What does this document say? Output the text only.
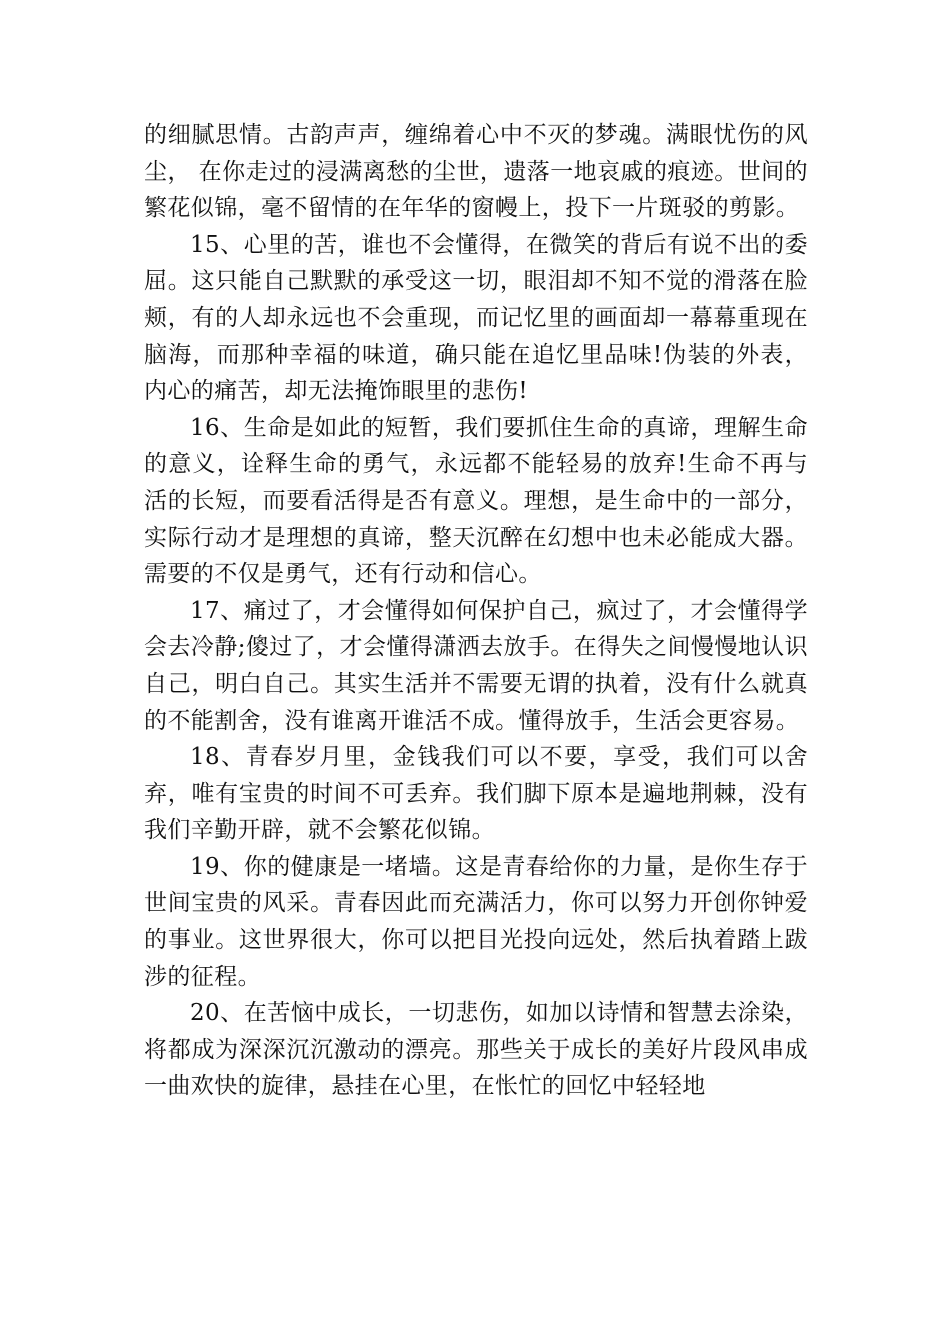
的细腻思情。古韵声声，缠绵着心中不灭的梦魂。满眼忧伤的风尘， 在你走过的浸满离愁的尘世，遗落一地哀戚的痕迹。世间的繁花似锦，毫不留情的在年华的窗幔上，投下一片斑驳的剪影。

15、心里的苦，谁也不会懂得，在微笑的背后有说不出的委屈。这只能自己默默的承受这一切，眼泪却不知不觉的滑落在脸颊，有的人却永远也不会重现，而记忆里的画面却一幕幕重现在脑海，而那种幸福的味道，确只能在追忆里品味!伪装的外表，内心的痛苦，却无法掩饰眼里的悲伤!

16、生命是如此的短暂，我们要抓住生命的真谛，理解生命的意义，诠释生命的勇气，永远都不能轻易的放弃!生命不再与活的长短，而要看活得是否有意义。理想，是生命中的一部分，实际行动才是理想的真谛，整天沉醉在幻想中也未必能成大器。需要的不仅是勇气，还有行动和信心。

17、痛过了，才会懂得如何保护自己，疯过了，才会懂得学会去冷静;傻过了，才会懂得潇洒去放手。在得失之间慢慢地认识自己，明白自己。其实生活并不需要无谓的执着，没有什么就真的不能割舍，没有谁离开谁活不成。懂得放手，生活会更容易。

18、青春岁月里，金钱我们可以不要，享受，我们可以舍弃，唯有宝贵的时间不可丢弃。我们脚下原本是遍地荆棘，没有我们辛勤开辟，就不会繁花似锦。

19、你的健康是一堵墙。这是青春给你的力量，是你生存于世间宝贵的风采。青春因此而充满活力，你可以努力开创你钟爱的事业。这世界很大，你可以把目光投向远处，然后执着踏上跋涉的征程。

20、在苦恼中成长，一切悲伤，如加以诗情和智慧去涂染，将都成为深深沉沉激动的漂亮。那些关于成长的美好片段风串成一曲欢快的旋律，悬挂在心里，在怅忙的回忆中轻轻地
